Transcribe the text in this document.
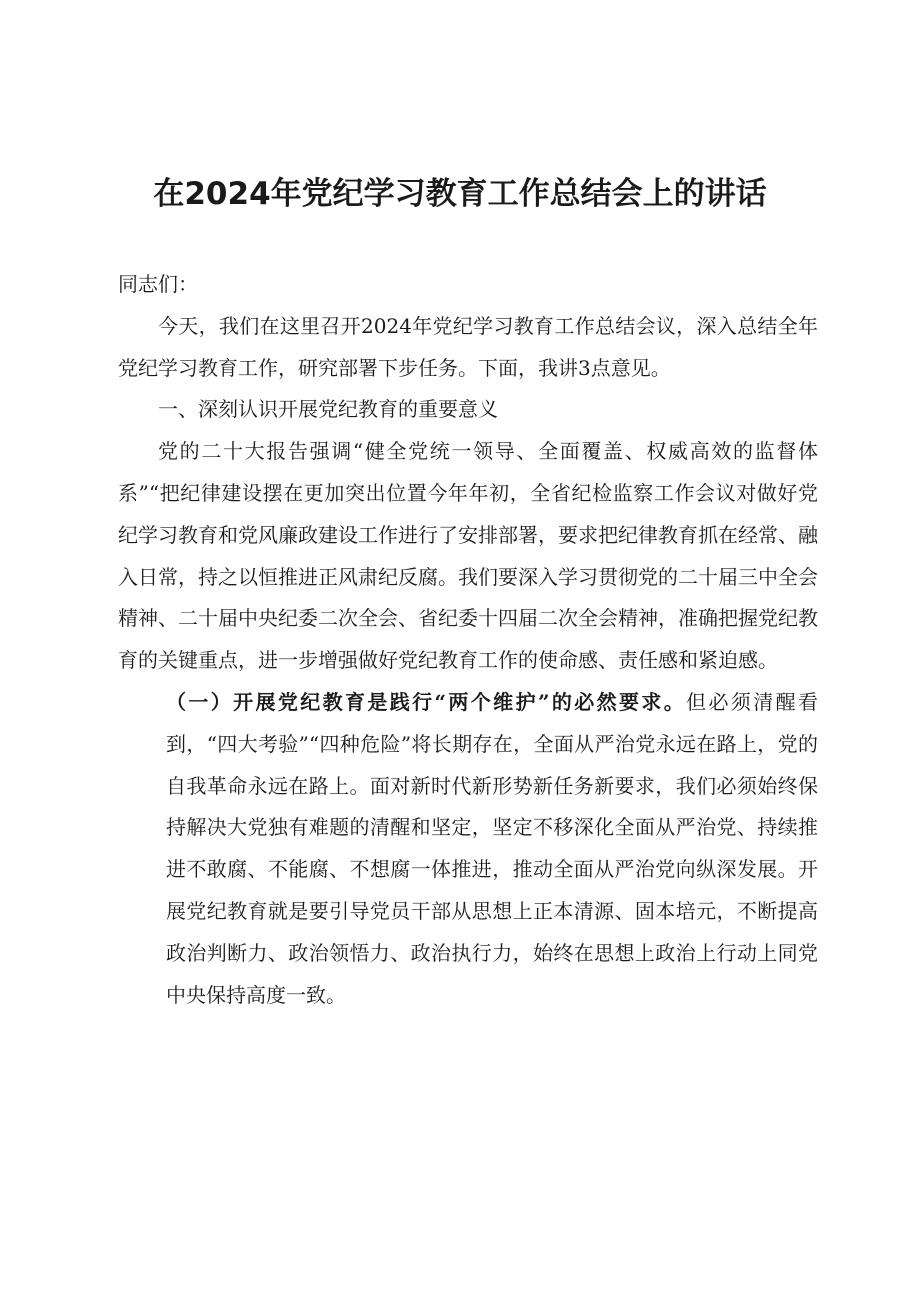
在2024年党纪学习教育工作总结会上的讲话

同志们：

今天，我们在这里召开2024年党纪学习教育工作总结会议，深入总结全年党纪学习教育工作，研究部署下步任务。下面，我讲3点意见。

一、深刻认识开展党纪教育的重要意义

党的二十大报告强调“健全党统一领导、全面覆盖、权威高效的监督体系”“把纪律建设摆在更加突出位置今年年初，全省纪检监察工作会议对做好党纪学习教育和党风廉政建设工作进行了安排部署，要求把纪律教育抓在经常、融入日常，持之以恒推进正风肃纪反腐。我们要深入学习贯彻党的二十届三中全会精神、二十届中央纪委二次全会、省纪委十四届二次全会精神，准确把握党纪教育的关键重点，进一步增强做好党纪教育工作的使命感、责任感和紧迫感。

（一）开展党纪教育是践行“两个维护”的必然要求。但必须清醒看到，“四大考验”“四种危险”将长期存在，全面从严治党永远在路上，党的自我革命永远在路上。面对新时代新形势新任务新要求，我们必须始终保持解决大党独有难题的清醒和坚定，坚定不移深化全面从严治党、持续推进不敢腐、不能腐、不想腐一体推进，推动全面从严治党向纵深发展。开展党纪教育就是要引导党员干部从思想上正本清源、固本培元，不断提高政治判断力、政治领悟力、政治执行力，始终在思想上政治上行动上同党中央保持高度一致。
